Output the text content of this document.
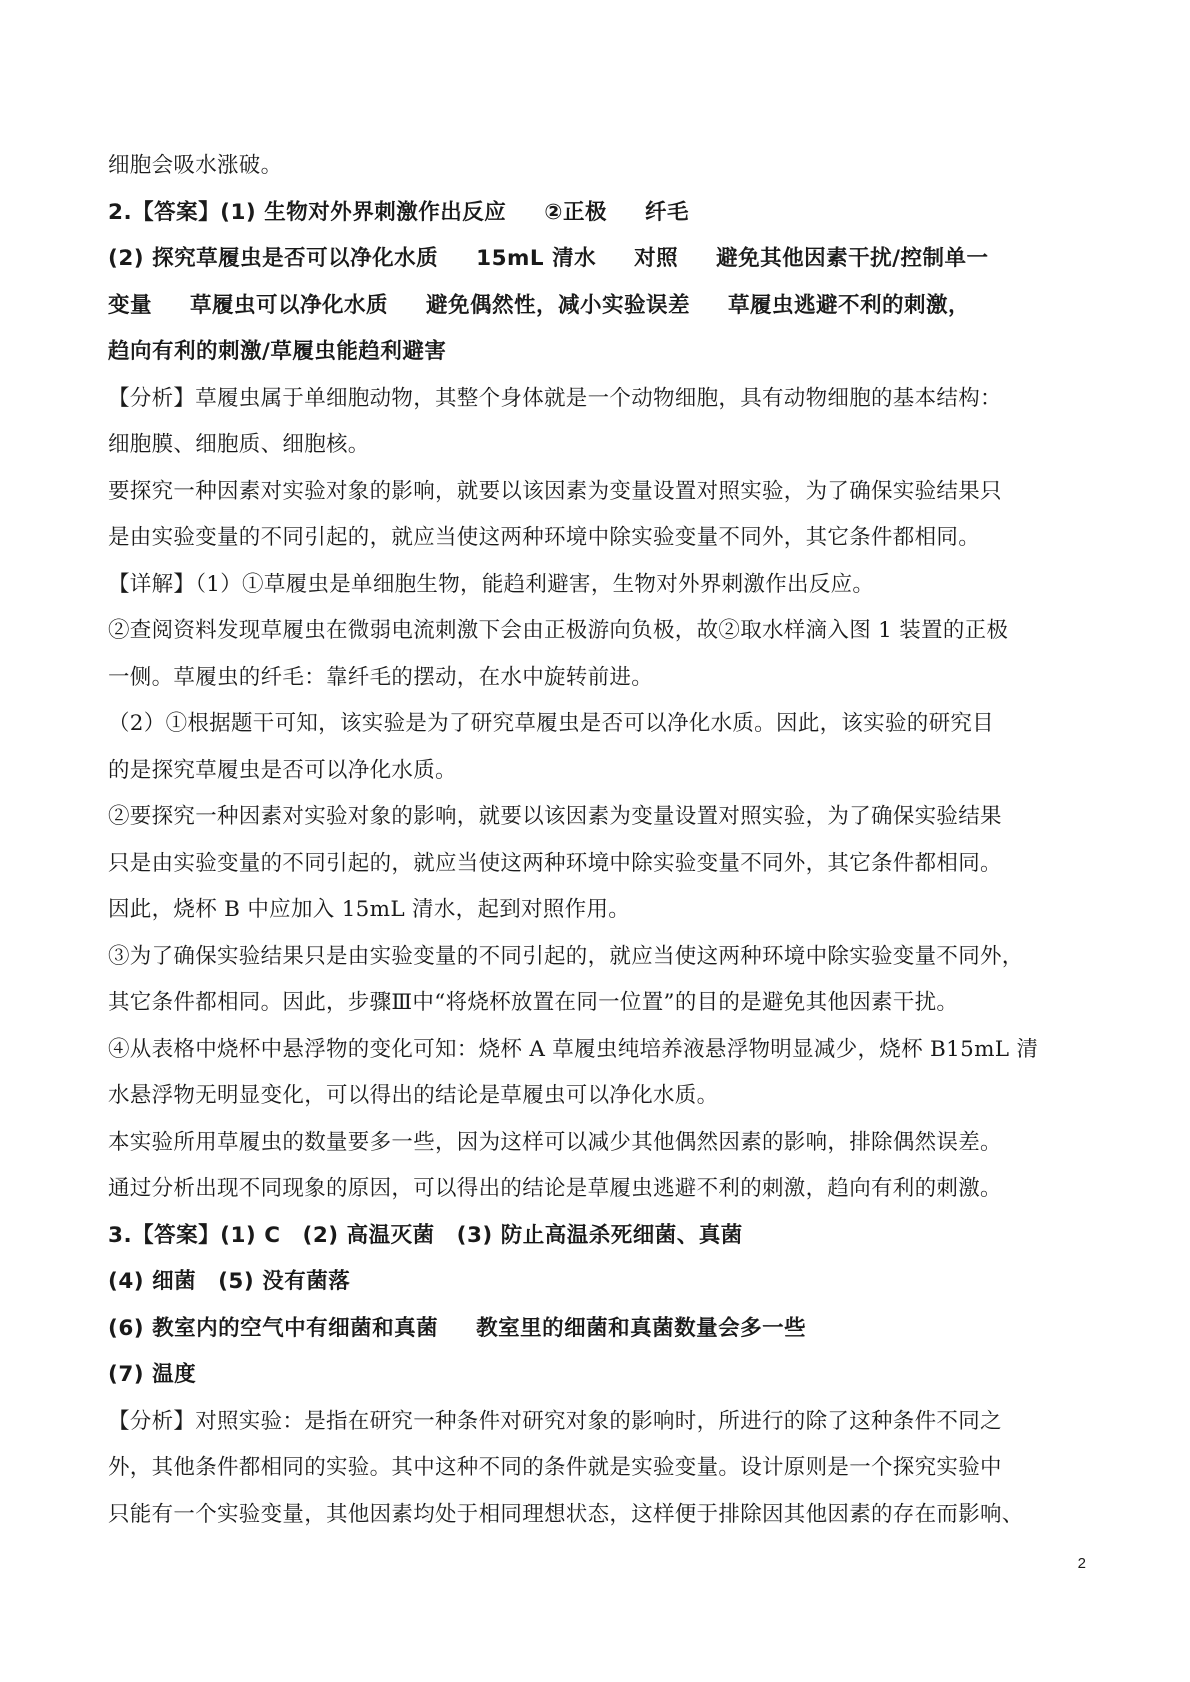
细胞会吸水涨破。
2.【答案】(1) 生物对外界刺激作出反应 ②正极 纤毛
(2) 探究草履虫是否可以净化水质 15mL 清水 对照 避免其他因素干扰/控制单一
变量 草履虫可以净化水质 避免偶然性，减小实验误差 草履虫逃避不利的刺激，
趋向有利的刺激/草履虫能趋利避害
【分析】草履虫属于单细胞动物，其整个身体就是一个动物细胞，具有动物细胞的基本结构：
细胞膜、细胞质、细胞核。
要探究一种因素对实验对象的影响，就要以该因素为变量设置对照实验，为了确保实验结果只
是由实验变量的不同引起的，就应当使这两种环境中除实验变量不同外，其它条件都相同。
【详解】（1）①草履虫是单细胞生物，能趋利避害，生物对外界刺激作出反应。
②查阅资料发现草履虫在微弱电流刺激下会由正极游向负极，故②取水样滴入图 1 装置的正极
一侧。草履虫的纤毛：靠纤毛的摆动，在水中旋转前进。
（2）①根据题干可知，该实验是为了研究草履虫是否可以净化水质。因此，该实验的研究目
的是探究草履虫是否可以净化水质。
②要探究一种因素对实验对象的影响，就要以该因素为变量设置对照实验，为了确保实验结果
只是由实验变量的不同引起的，就应当使这两种环境中除实验变量不同外，其它条件都相同。
因此，烧杯 B 中应加入 15mL 清水，起到对照作用。
③为了确保实验结果只是由实验变量的不同引起的，就应当使这两种环境中除实验变量不同外，
其它条件都相同。因此，步骤Ⅲ中“将烧杯放置在同一位置”的目的是避免其他因素干扰。
④从表格中烧杯中悬浮物的变化可知：烧杯 A 草履虫纯培养液悬浮物明显减少，烧杯 B15mL 清
水悬浮物无明显变化，可以得出的结论是草履虫可以净化水质。
本实验所用草履虫的数量要多一些，因为这样可以减少其他偶然因素的影响，排除偶然误差。
通过分析出现不同现象的原因，可以得出的结论是草履虫逃避不利的刺激，趋向有利的刺激。
3.【答案】(1) C (2) 高温灭菌 (3) 防止高温杀死细菌、真菌
(4) 细菌 (5) 没有菌落
(6) 教室内的空气中有细菌和真菌 教室里的细菌和真菌数量会多一些
(7) 温度
【分析】对照实验：是指在研究一种条件对研究对象的影响时，所进行的除了这种条件不同之
外，其他条件都相同的实验。其中这种不同的条件就是实验变量。设计原则是一个探究实验中
只能有一个实验变量，其他因素均处于相同理想状态，这样便于排除因其他因素的存在而影响、
2
